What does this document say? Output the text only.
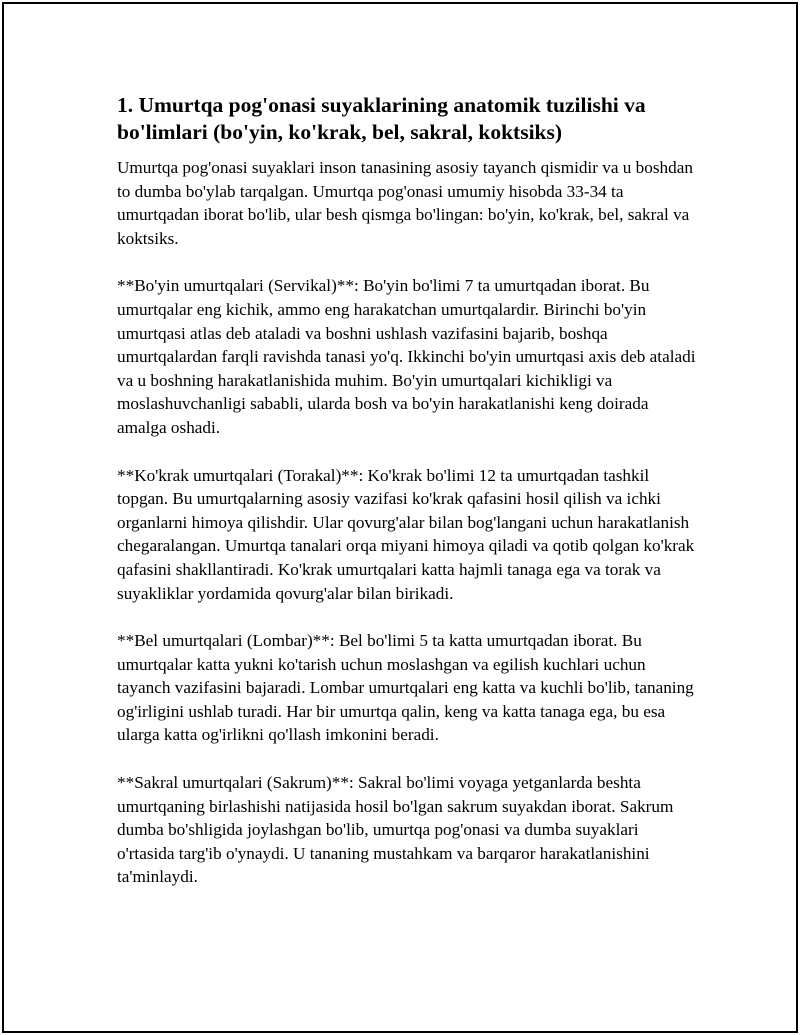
1. Umurtqa pog'onasi suyaklarining anatomik tuzilishi va bo'limlari (bo'yin, ko'krak, bel, sakral, koktsiks)

Umurtqa pog'onasi suyaklari inson tanasining asosiy tayanch qismidir va u boshdan to dumba bo'ylab tarqalgan. Umurtqa pog'onasi umumiy hisobda 33-34 ta umurtqadan iborat bo'lib, ular besh qismga bo'lingan: bo'yin, ko'krak, bel, sakral va koktsiks.

**Bo'yin umurtqalari (Servikal)**: Bo'yin bo'limi 7 ta umurtqadan iborat. Bu umurtqalar eng kichik, ammo eng harakatchan umurtqalardir. Birinchi bo'yin umurtqasi atlas deb ataladi va boshni ushlash vazifasini bajarib, boshqa umurtqalardan farqli ravishda tanasi yo'q. Ikkinchi bo'yin umurtqasi axis deb ataladi va u boshning harakatlanishida muhim. Bo'yin umurtqalari kichikligi va moslashuvchanligi sababli, ularda bosh va bo'yin harakatlanishi keng doirada amalga oshadi.

**Ko'krak umurtqalari (Torakal)**: Ko'krak bo'limi 12 ta umurtqadan tashkil topgan. Bu umurtqalarning asosiy vazifasi ko'krak qafasini hosil qilish va ichki organlarni himoya qilishdir. Ular qovurg'alar bilan bog'langani uchun harakatlanish chegaralangan. Umurtqa tanalari orqa miyani himoya qiladi va qotib qolgan ko'krak qafasini shakllantiradi. Ko'krak umurtqalari katta hajmli tanaga ega va torak va suyakliklar yordamida qovurg'alar bilan birikadi.

**Bel umurtqalari (Lombar)**: Bel bo'limi 5 ta katta umurtqadan iborat. Bu umurtqalar katta yukni ko'tarish uchun moslashgan va egilish kuchlari uchun tayanch vazifasini bajaradi. Lombar umurtqalari eng katta va kuchli bo'lib, tananing og'irligini ushlab turadi. Har bir umurtqa qalin, keng va katta tanaga ega, bu esa ularga katta og'irlikni qo'llash imkonini beradi.

**Sakral umurtqalari (Sakrum)**: Sakral bo'limi voyaga yetganlarda beshta umurtqaning birlashishi natijasida hosil bo'lgan sakrum suyakdan iborat. Sakrum dumba bo'shligida joylashgan bo'lib, umurtqa pog'onasi va dumba suyaklari o'rtasida targ'ib o'ynaydi. U tananing mustahkam va barqaror harakatlanishini ta'minlaydi.
